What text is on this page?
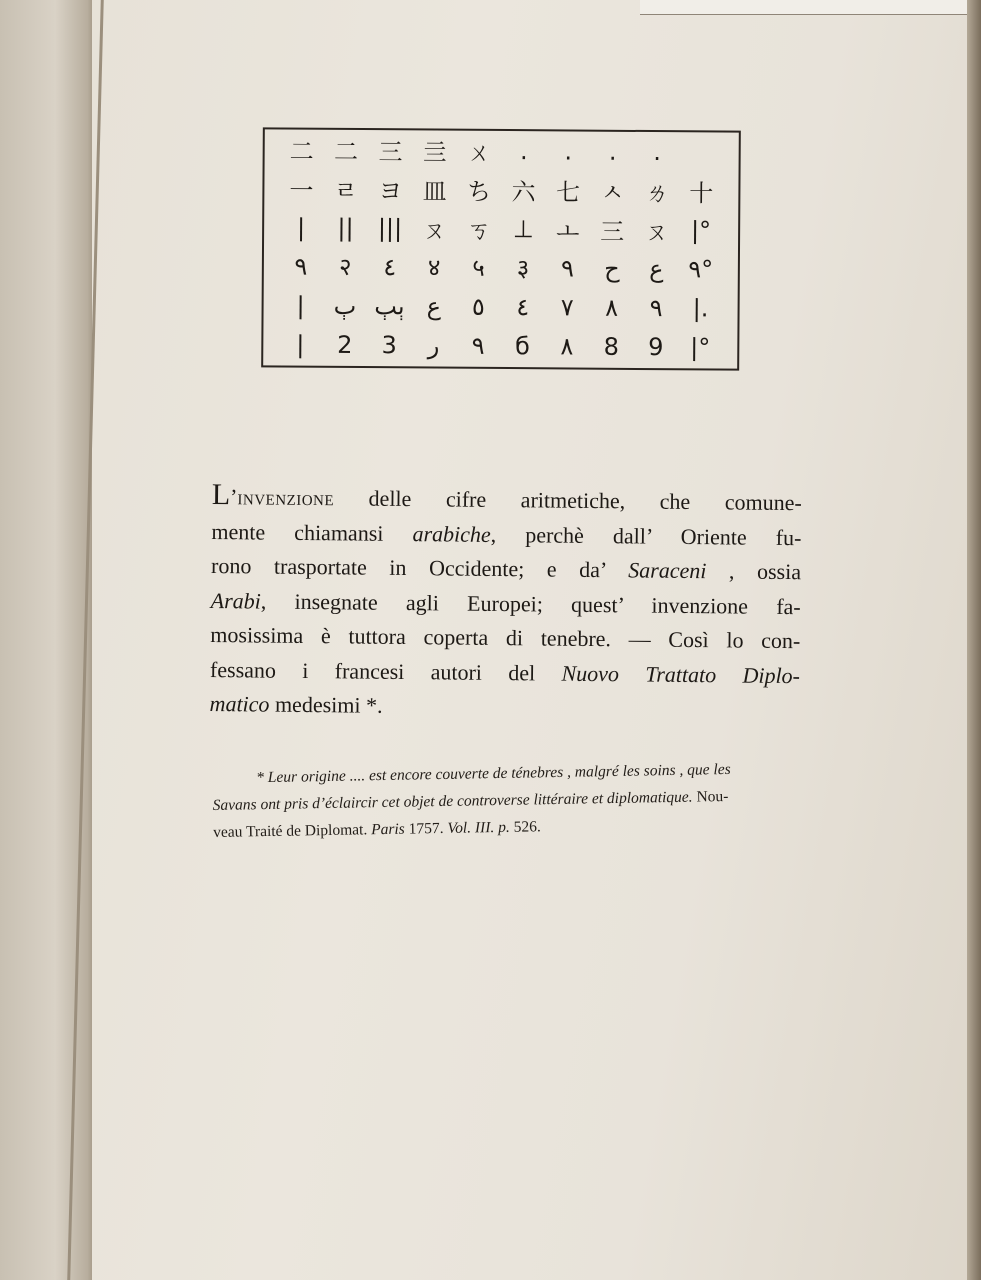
二 二 三 亖 ㄨ	.	.	.	.
一 ㄹ ヨ 皿 ち 六 七 ㅅ ㄌ 十
|	||	||| ㄡ ㄎ ⊥ ㅗ 三 ㄡ |°
٩	२	٤	४	५	३	٩	ح	ع	٩°
|	ٻ ٻٻ ع	٥	٤	٧	٨	٩	|.
|	2	3	ر	٩	б	٨	8	9	|°
L’invenzione delle cifre aritmetiche, che comune-
mente chiamansi arabiche, perchè dall’ Oriente fu-
rono trasportate in Occidente; e da’ Saraceni , ossia
Arabi, insegnate agli Europei; quest’ invenzione fa-
mosissima è tuttora coperta di tenebre. — Così lo con-
fessano i francesi autori del Nuovo Trattato Diplo-
matico medesimi *.
* Leur origine .... est encore couverte de ténebres , malgré les soins , que les
Savans ont pris d’éclaircir cet objet de controverse littéraire et diplomatique. Nou-
veau Traité de Diplomat. Paris 1757. Vol. III. p. 526.
